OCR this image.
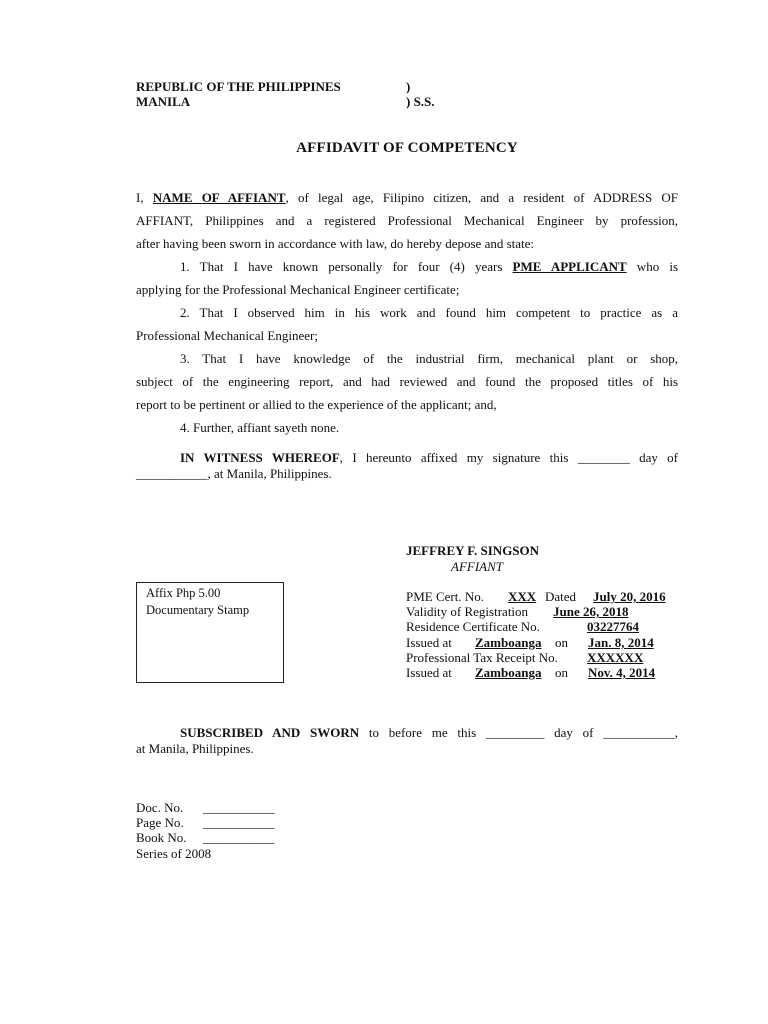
REPUBLIC OF THE PHILIPPINES	)
MANILA	) S.S.
AFFIDAVIT OF COMPETENCY
I, NAME OF AFFIANT, of legal age, Filipino citizen, and a resident of ADDRESS OF
AFFIANT, Philippines and a registered Professional Mechanical Engineer by profession,
after having been sworn in accordance with law, do hereby depose and state:
1. That I have known personally for four (4) years PME APPLICANT who is
applying for the Professional Mechanical Engineer certificate;
2. That I observed him in his work and found him competent to practice as a
Professional Mechanical Engineer;
3. That I have knowledge of the industrial firm, mechanical plant or shop,
subject of the engineering report, and had reviewed and found the proposed titles of his
report to be pertinent or allied to the experience of the applicant; and,
4. Further, affiant sayeth none.
IN WITNESS WHEREOF, I hereunto affixed my signature this ________ day of
___________, at Manila, Philippines.
JEFFREY F. SINGSON
AFFIANT
Affix Php 5.00
Documentary Stamp
PME Cert. No. XXX Dated July 20, 2016
Validity of Registration June 26, 2018
Residence Certificate No.	03227764
Issued at Zamboanga on Jan. 8, 2014
Professional Tax Receipt No. XXXXXX
Issued at Zamboanga on Nov. 4, 2014
SUBSCRIBED AND SWORN to before me this _________ day of ___________,
at Manila, Philippines.
Doc. No. ___________
Page No. ___________
Book No. ___________
Series of 2008
